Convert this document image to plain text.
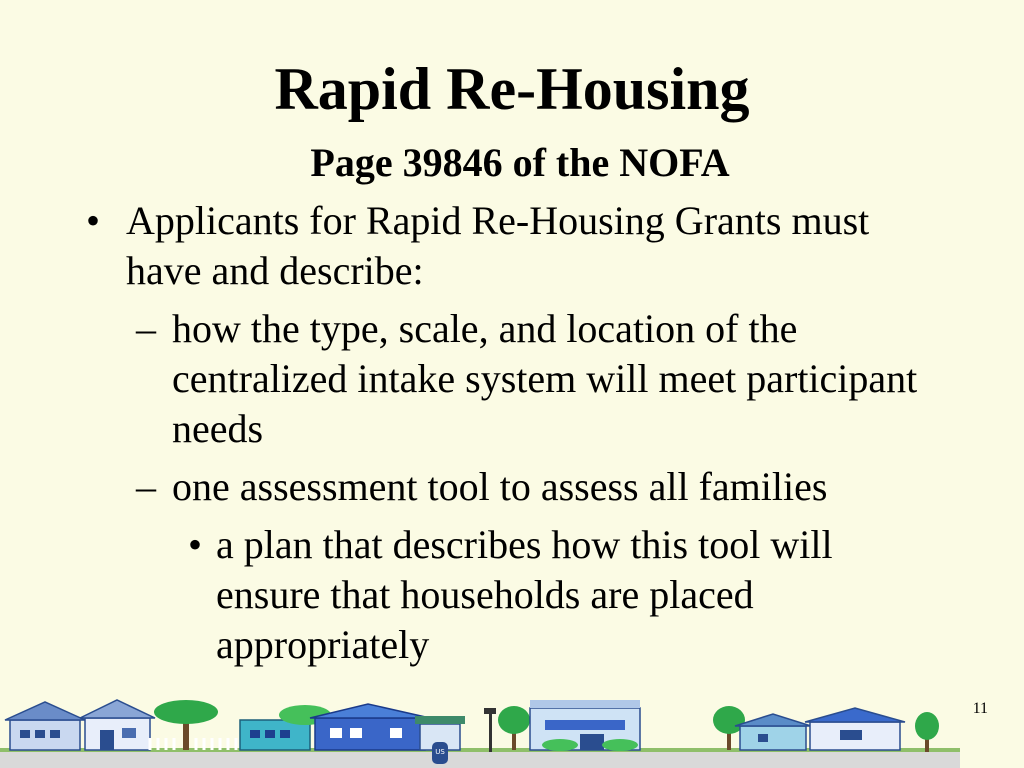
Rapid Re-Housing
Page 39846 of the NOFA
• Applicants for Rapid Re-Housing Grants must have and describe:
– how the type, scale, and location of the centralized intake system will meet participant needs
– one assessment tool to assess all families
• a plan that describes how this tool will ensure that households are placed appropriately
11
US
